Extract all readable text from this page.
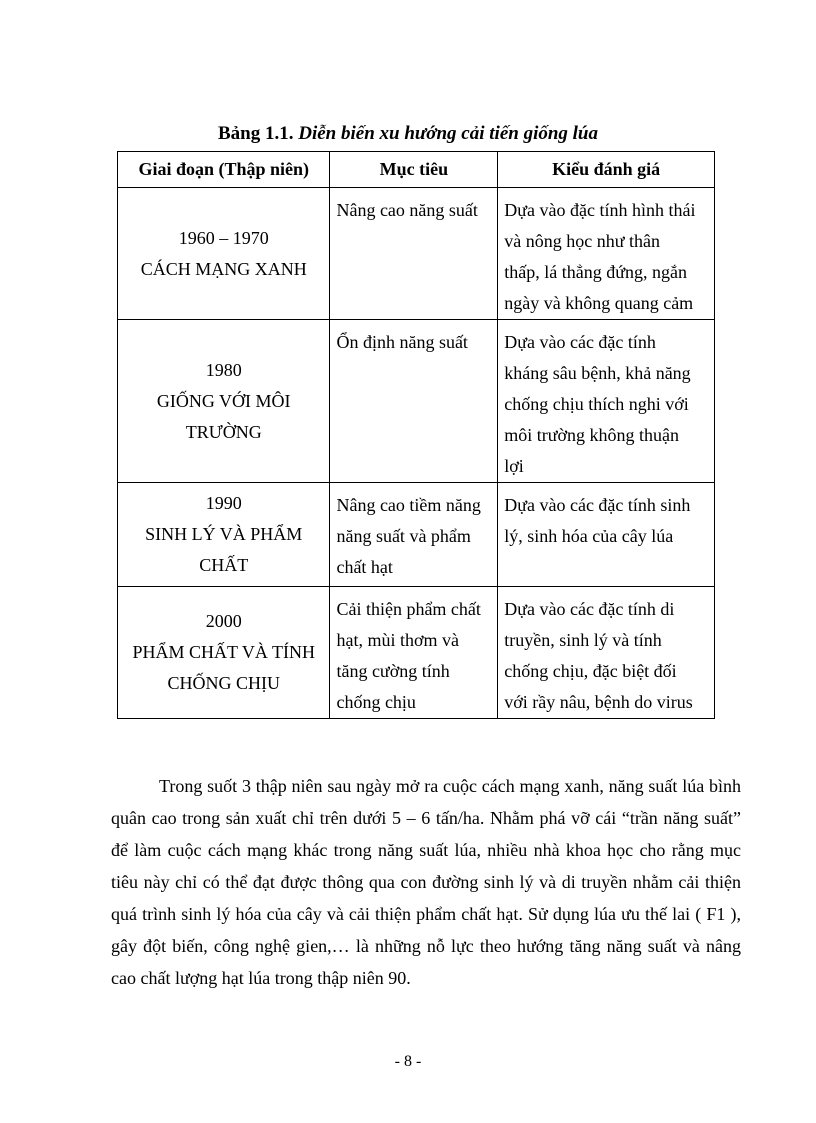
Bảng 1.1. Diễn biến xu hướng cải tiến giống lúa
Giai đoạn (Thập niên)	Mục tiêu	Kiểu đánh giá

1960 – 1970
CÁCH MẠNG XANH	Nâng cao năng suất	Dựa vào đặc tính hình thái
và nông học như thân
thấp, lá thẳng đứng, ngắn
ngày và không quang cảm

1980
GIỐNG VỚI MÔI
TRƯỜNG	Ổn định năng suất	Dựa vào các đặc tính
kháng sâu bệnh, khả năng
chống chịu thích nghi với
môi trường không thuận
lợi

1990
SINH LÝ VÀ PHẨM
CHẤT	Nâng cao tiềm năng
năng suất và phẩm
chất hạt	Dựa vào các đặc tính sinh
lý, sinh hóa của cây lúa

2000
PHẨM CHẤT VÀ TÍNH
CHỐNG CHỊU	Cải thiện phẩm chất
hạt, mùi thơm và
tăng cường tính
chống chịu	Dựa vào các đặc tính di
truyền, sinh lý và tính
chống chịu, đặc biệt đối
với rầy nâu, bệnh do virus

Trong suốt 3 thập niên sau ngày mở ra cuộc cách mạng xanh, năng suất lúa bình quân cao trong sản xuất chỉ trên dưới 5 – 6 tấn/ha. Nhằm phá vỡ cái “trần năng suất” để làm cuộc cách mạng khác trong năng suất lúa, nhiều nhà khoa học cho rằng mục tiêu này chỉ có thể đạt được thông qua con đường sinh lý và di truyền nhằm cải thiện quá trình sinh lý hóa của cây và cải thiện phẩm chất hạt. Sử dụng lúa ưu thế lai ( F1 ), gây đột biến, công nghệ gien,… là những nỗ lực theo hướng tăng năng suất và nâng cao chất lượng hạt lúa trong thập niên 90.

- 8 -
